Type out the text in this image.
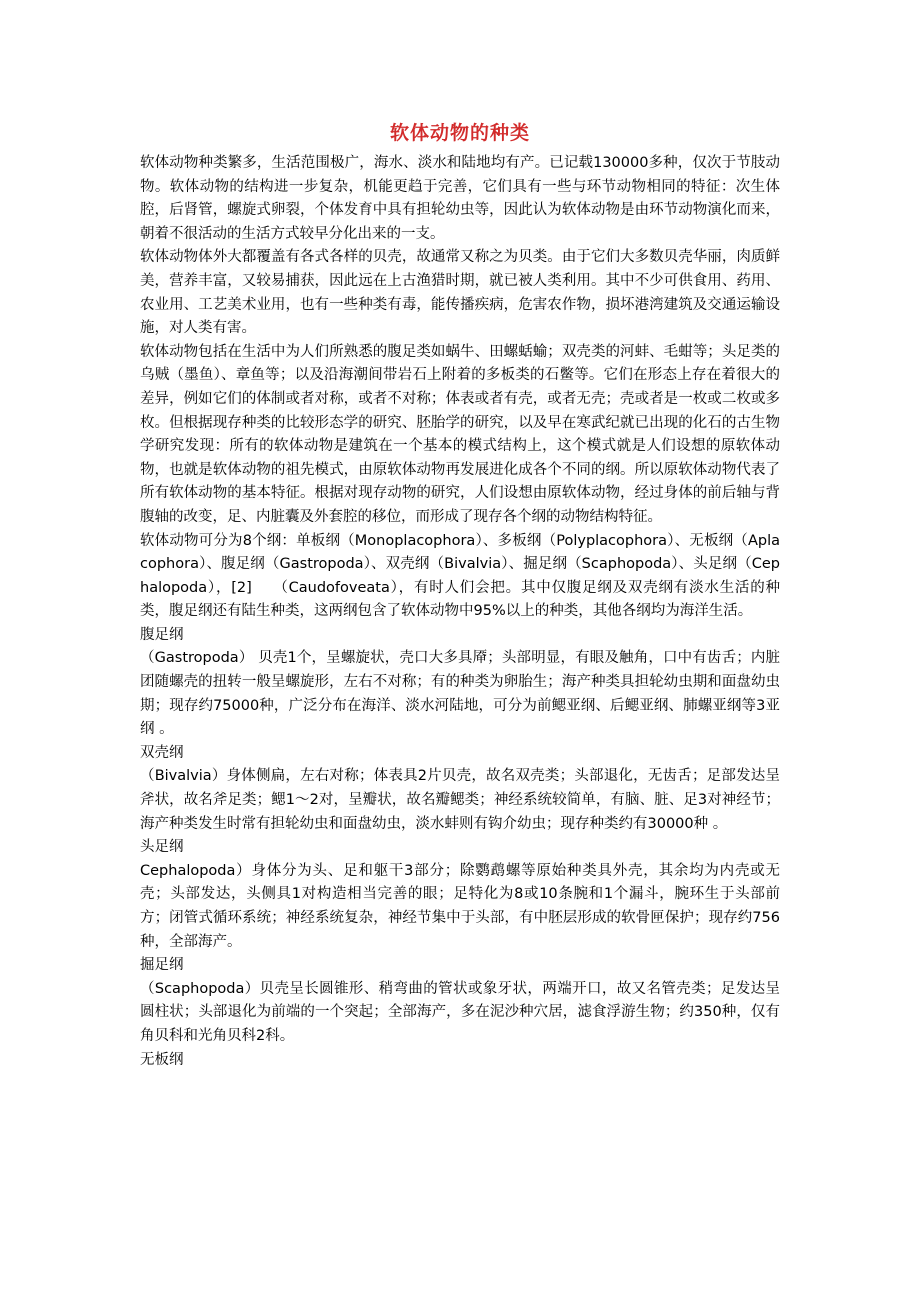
软体动物的种类

软体动物种类繁多，生活范围极广，海水、淡水和陆地均有产。已记载130000多种，仅次于节肢动物。软体动物的结构进一步复杂，机能更趋于完善，它们具有一些与环节动物相同的特征：次生体腔，后肾管，螺旋式卵裂，个体发育中具有担轮幼虫等，因此认为软体动物是由环节动物演化而来，朝着不很活动的生活方式较早分化出来的一支。

软体动物体外大都覆盖有各式各样的贝壳，故通常又称之为贝类。由于它们大多数贝壳华丽，肉质鲜美，营养丰富，又较易捕获，因此远在上古渔猎时期，就已被人类利用。其中不少可供食用、药用、农业用、工艺美术业用，也有一些种类有毒，能传播疾病，危害农作物，损坏港湾建筑及交通运输设施，对人类有害。

软体动物包括在生活中为人们所熟悉的腹足类如蜗牛、田螺蛞蝓；双壳类的河蚌、毛蚶等；头足类的乌贼（墨鱼）、章鱼等；以及沿海潮间带岩石上附着的多板类的石鳖等。它们在形态上存在着很大的差异，例如它们的体制或者对称，或者不对称；体表或者有壳，或者无壳；壳或者是一枚或二枚或多枚。但根据现存种类的比较形态学的研究、胚胎学的研究，以及早在寒武纪就已出现的化石的古生物学研究发现：所有的软体动物是建筑在一个基本的模式结构上，这个模式就是人们设想的原软体动物，也就是软体动物的祖先模式，由原软体动物再发展进化成各个不同的纲。所以原软体动物代表了所有软体动物的基本特征。根据对现存动物的研究，人们设想由原软体动物，经过身体的前后轴与背腹轴的改变，足、内脏囊及外套腔的移位，而形成了现存各个纲的动物结构特征。

软体动物可分为8个纲：单板纲（Monoplacophora）、多板纲（Polyplacophora）、无板纲（Aplacophora）、腹足纲（Gastropoda）、双壳纲（Bivalvia）、掘足纲（Scaphopoda）、头足纲（Cephalopoda），[2]    （Caudofoveata），有时人们会把。其中仅腹足纲及双壳纲有淡水生活的种类，腹足纲还有陆生种类，这两纲包含了软体动物中95%以上的种类，其他各纲均为海洋生活。

腹足纲

（Gastropoda） 贝壳1个，呈螺旋状，壳口大多具厣；头部明显，有眼及触角，口中有齿舌；内脏团随螺壳的扭转一般呈螺旋形，左右不对称；有的种类为卵胎生；海产种类具担轮幼虫期和面盘幼虫期；现存约75000种，广泛分布在海洋、淡水河陆地，可分为前鳃亚纲、后鳃亚纲、肺螺亚纲等3亚纲 。

双壳纲

（Bivalvia）身体侧扁，左右对称；体表具2片贝壳，故名双壳类；头部退化，无齿舌；足部发达呈斧状，故名斧足类；鳃1～2对，呈瓣状，故名瓣鳃类；神经系统较简单，有脑、脏、足3对神经节；海产种类发生时常有担轮幼虫和面盘幼虫，淡水蚌则有钩介幼虫；现存种类约有30000种 。

头足纲

Cephalopoda）身体分为头、足和躯干3部分；除鹦鹉螺等原始种类具外壳，其余均为内壳或无壳；头部发达，头侧具1对构造相当完善的眼；足特化为8或10条腕和1个漏斗，腕环生于头部前方；闭管式循环系统；神经系统复杂，神经节集中于头部，有中胚层形成的软骨匣保护；现存约756种，全部海产。

掘足纲

（Scaphopoda）贝壳呈长圆锥形、稍弯曲的管状或象牙状，两端开口，故又名管壳类；足发达呈圆柱状；头部退化为前端的一个突起；全部海产，多在泥沙种穴居，滤食浮游生物；约350种，仅有角贝科和光角贝科2科。

无板纲
